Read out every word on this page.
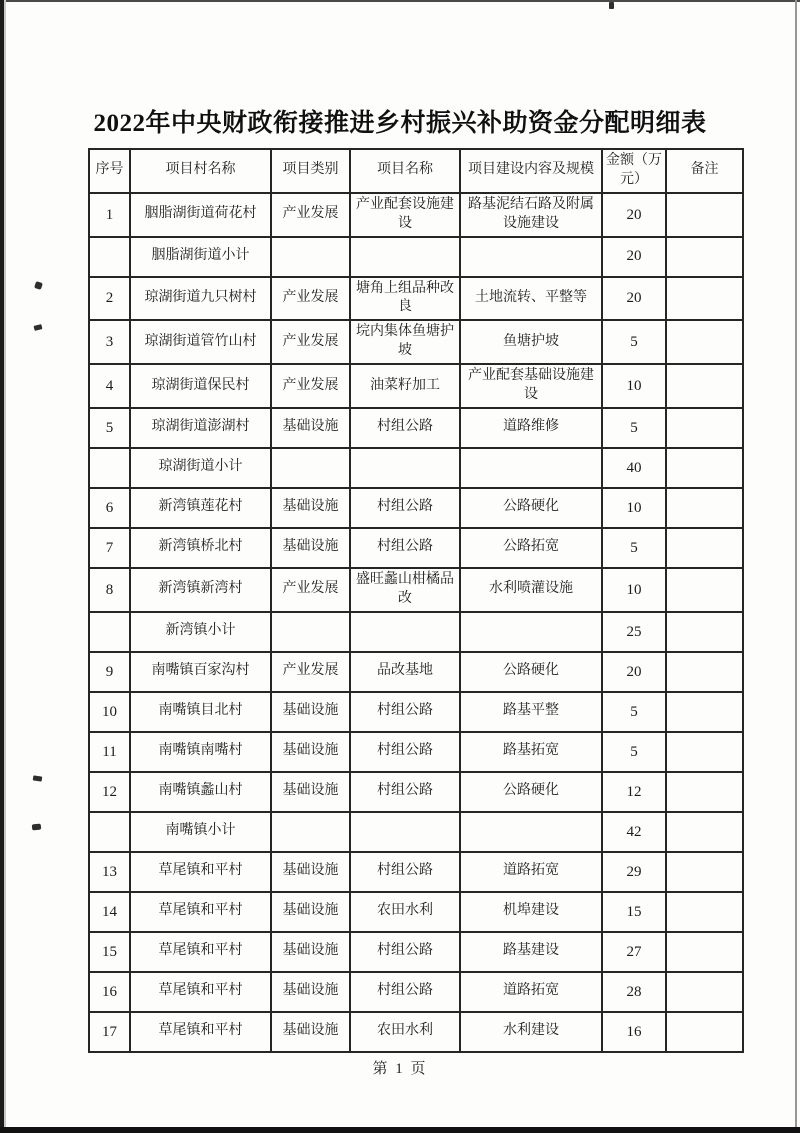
2022年中央财政衔接推进乡村振兴补助资金分配明细表
序号	项目村名称	项目类别	项目名称	项目建设内容及规模	金额（万元）	备注
1	胭脂湖街道荷花村	产业发展	产业配套设施建设	路基泥结石路及附属设施建设	20	
	胭脂湖街道小计				20	
2	琼湖街道九只树村	产业发展	塘角上组品种改良	土地流转、平整等	20	
3	琼湖街道管竹山村	产业发展	垸内集体鱼塘护坡	鱼塘护坡	5	
4	琼湖街道保民村	产业发展	油菜籽加工	产业配套基础设施建设	10	
5	琼湖街道澎湖村	基础设施	村组公路	道路维修	5	
	琼湖街道小计				40	
6	新湾镇莲花村	基础设施	村组公路	公路硬化	10	
7	新湾镇桥北村	基础设施	村组公路	公路拓宽	5	
8	新湾镇新湾村	产业发展	盛旺蠡山柑橘品改	水利喷灌设施	10	
	新湾镇小计				25	
9	南嘴镇百家沟村	产业发展	品改基地	公路硬化	20	
10	南嘴镇目北村	基础设施	村组公路	路基平整	5	
11	南嘴镇南嘴村	基础设施	村组公路	路基拓宽	5	
12	南嘴镇蠡山村	基础设施	村组公路	公路硬化	12	
	南嘴镇小计				42	
13	草尾镇和平村	基础设施	村组公路	道路拓宽	29	
14	草尾镇和平村	基础设施	农田水利	机埠建设	15	
15	草尾镇和平村	基础设施	村组公路	路基建设	27	
16	草尾镇和平村	基础设施	村组公路	道路拓宽	28	
17	草尾镇和平村	基础设施	农田水利	水利建设	16	
第 1 页
